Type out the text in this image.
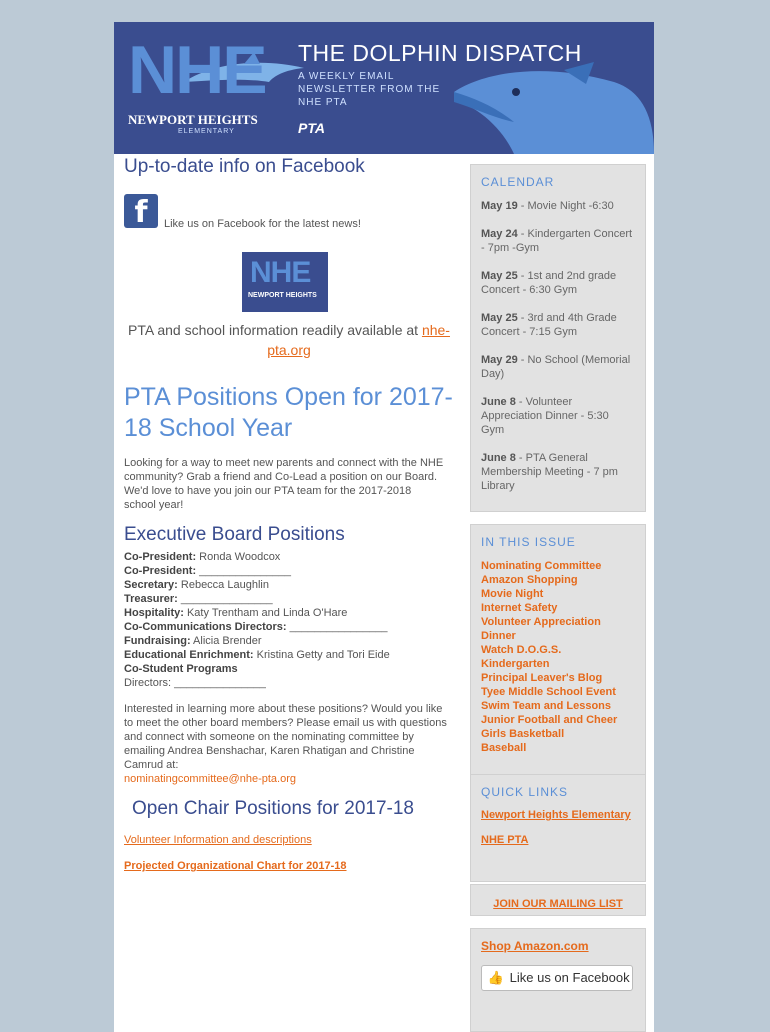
NHE
NEWPORT HEIGHTS
ELEMENTARY
THE DOLPHIN DISPATCH
A WEEKLY EMAIL NEWSLETTER FROM THE NHE PTA
PTA
Up-to-date info on Facebook
f	Like us on Facebook for the latest news!
NHE
NEWPORT HEIGHTS
PTA and school information readily available at nhe-pta.org
PTA Positions Open for 2017-18 School Year
Looking for a way to meet new parents and connect with the NHE community? Grab a friend and Co-Lead a position on our Board. We'd love to have you join our PTA team for the 2017-2018 school year!
Executive Board Positions
Co-President: Ronda Woodcox
Co-President: _______________
Secretary: Rebecca Laughlin
Treasurer: _______________
Hospitality: Katy Trentham and Linda O'Hare
Co-Communications Directors: ________________
Fundraising: Alicia Brender
Educational Enrichment: Kristina Getty and Tori Eide
Co-Student Programs
Directors: _______________
Interested in learning more about these positions? Would you like to meet the other board members? Please email us with questions and connect with someone on the nominating committee by emailing Andrea Benshachar, Karen Rhatigan and Christine Camrud at:
nominatingcommittee@nhe-pta.org
Open Chair Positions for 2017-18
Volunteer Information and descriptions
Projected Organizational Chart for 2017-18
CALENDAR
May 19 - Movie Night -6:30
May 24 - Kindergarten Concert - 7pm -Gym
May 25 - 1st and 2nd grade Concert - 6:30 Gym
May 25 - 3rd and 4th Grade Concert - 7:15 Gym
May 29 - No School (Memorial Day)
June 8 - Volunteer Appreciation Dinner - 5:30 Gym
June 8 - PTA General Membership Meeting - 7 pm Library
IN THIS ISSUE
Nominating Committee
Amazon Shopping
Movie Night
Internet Safety
Volunteer Appreciation Dinner
Watch D.O.G.S.
Kindergarten
Principal Leaver's Blog
Tyee Middle School Event
Swim Team and Lessons
Junior Football and Cheer
Girls Basketball
Baseball
QUICK LINKS
Newport Heights Elementary
NHE PTA
JOIN OUR MAILING LIST
Shop Amazon.com
👍 Like us on Facebook
